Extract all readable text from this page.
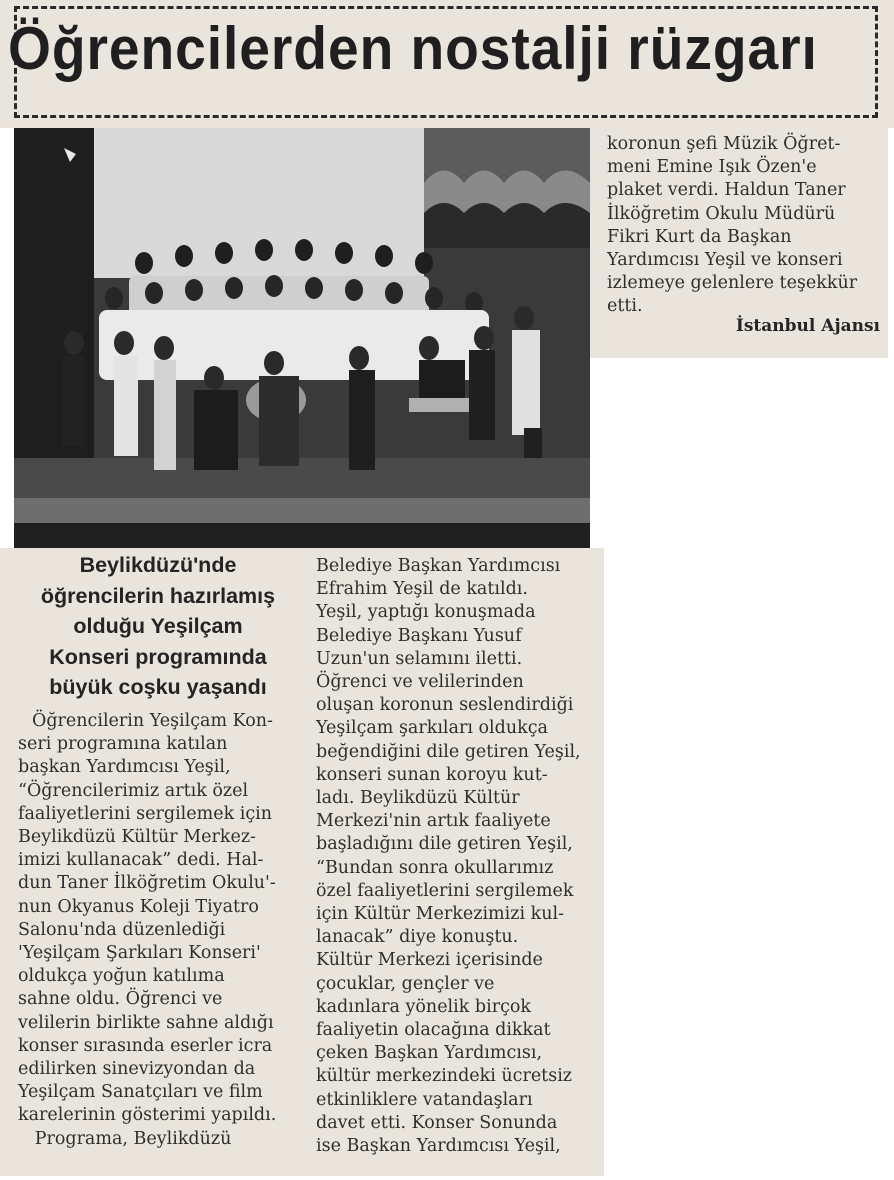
Öğrencilerden nostalji rüzgarı
koronun şefi Müzik Öğret-
meni Emine Işık Özen'e
plaket verdi. Haldun Taner
İlköğretim Okulu Müdürü
Fikri Kurt da Başkan
Yardımcısı Yeşil ve konseri
izlemeye gelenlere teşekkür
etti.
İstanbul Ajansı
Beylikdüzü'nde
öğrencilerin hazırlamış
olduğu Yeşilçam
Konseri programında
büyük coşku yaşandı
Öğrencilerin Yeşilçam Kon-
seri programına katılan
başkan Yardımcısı Yeşil,
“Öğrencilerimiz artık özel
faaliyetlerini sergilemek için
Beylikdüzü Kültür Merkez-
imizi kullanacak” dedi. Hal-
dun Taner İlköğretim Okulu'-
nun Okyanus Koleji Tiyatro
Salonu'nda düzenlediği
'Yeşilçam Şarkıları Konseri'
oldukça yoğun katılıma
sahne oldu. Öğrenci ve
velilerin birlikte sahne aldığı
konser sırasında eserler icra
edilirken sinevizyondan da
Yeşilçam Sanatçıları ve film
karelerinin gösterimi yapıldı.
Programa, Beylikdüzü
Belediye Başkan Yardımcısı
Efrahim Yeşil de katıldı.
Yeşil, yaptığı konuşmada
Belediye Başkanı Yusuf
Uzun'un selamını iletti.
Öğrenci ve velilerinden
oluşan koronun seslendirdiği
Yeşilçam şarkıları oldukça
beğendiğini dile getiren Yeşil,
konseri sunan koroyu kut-
ladı. Beylikdüzü Kültür
Merkezi'nin artık faaliyete
başladığını dile getiren Yeşil,
“Bundan sonra okullarımız
özel faaliyetlerini sergilemek
için Kültür Merkezimizi kul-
lanacak” diye konuştu.
Kültür Merkezi içerisinde
çocuklar, gençler ve
kadınlara yönelik birçok
faaliyetin olacağına dikkat
çeken Başkan Yardımcısı,
kültür merkezindeki ücretsiz
etkinliklere vatandaşları
davet etti. Konser Sonunda
ise Başkan Yardımcısı Yeşil,
